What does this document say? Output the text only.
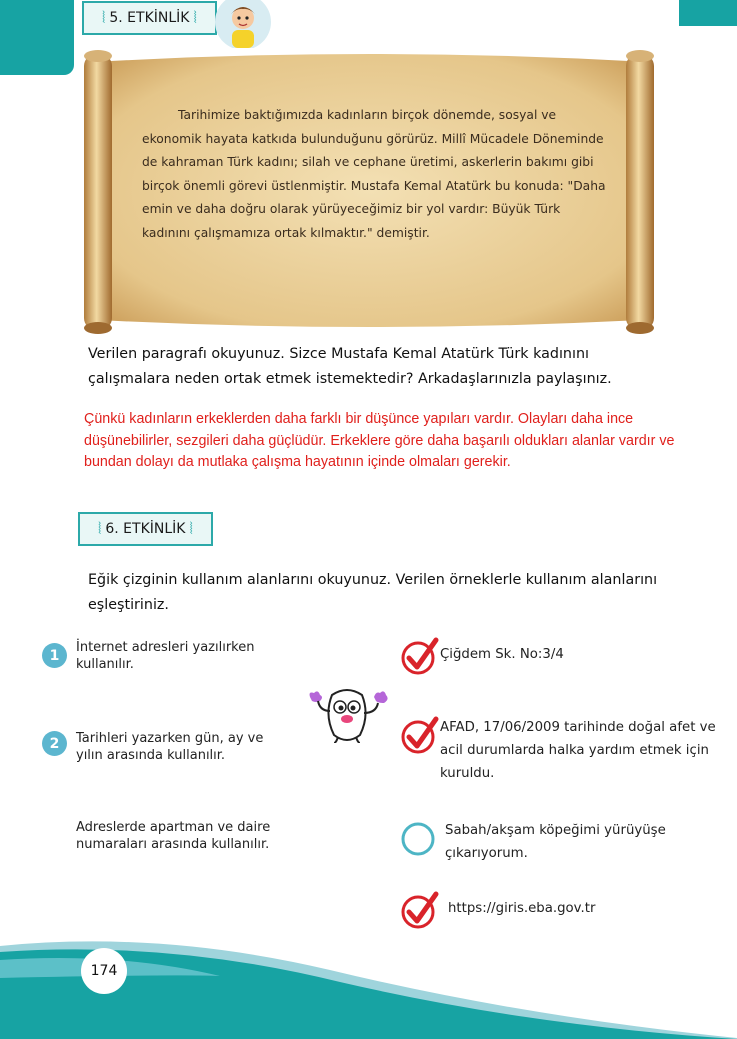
⦚ 5. ETKİNLİK ⦚

Tarihimize baktığımızda kadınların birçok dönemde, sosyal ve ekonomik hayata katkıda bulunduğunu görürüz. Millî Mücadele Döneminde de kahraman Türk kadını; silah ve cephane üretimi, askerlerin bakımı gibi birçok önemli görevi üstlenmiştir. Mustafa Kemal Atatürk bu konuda: "Daha emin ve daha doğru olarak yürüyeceğimiz bir yol vardır: Büyük Türk kadınını çalışmamıza ortak kılmaktır." demiştir.

Verilen paragrafı okuyunuz. Sizce Mustafa Kemal Atatürk Türk kadınını çalışmalara neden ortak etmek istemektedir? Arkadaşlarınızla paylaşınız.

Çünkü kadınların erkeklerden daha farklı bir düşünce yapıları vardır. Olayları daha ince düşünebilirler, sezgileri daha güçlüdür. Erkeklere göre daha başarılı oldukları alanlar vardır ve bundan dolayı da mutlaka çalışma hayatının içinde olmaları gerekir.

⦚ 6. ETKİNLİK ⦚

Eğik çizginin kullanım alanlarını okuyunuz. Verilen örneklerle kullanım alanlarını eşleştiriniz.

1	İnternet adresleri yazılırken kullanılır.

2	Tarihleri yazarken gün, ay ve yılın arasında kullanılır.

Adreslerde apartman ve daire numaraları arasında kullanılır.

Çiğdem Sk. No:3/4

AFAD, 17/06/2009 tarihinde doğal afet ve acil durumlarda halka yardım etmek için kuruldu.

Sabah/akşam köpeğimi yürüyüşe çıkarıyorum.

https://giris.eba.gov.tr

174
